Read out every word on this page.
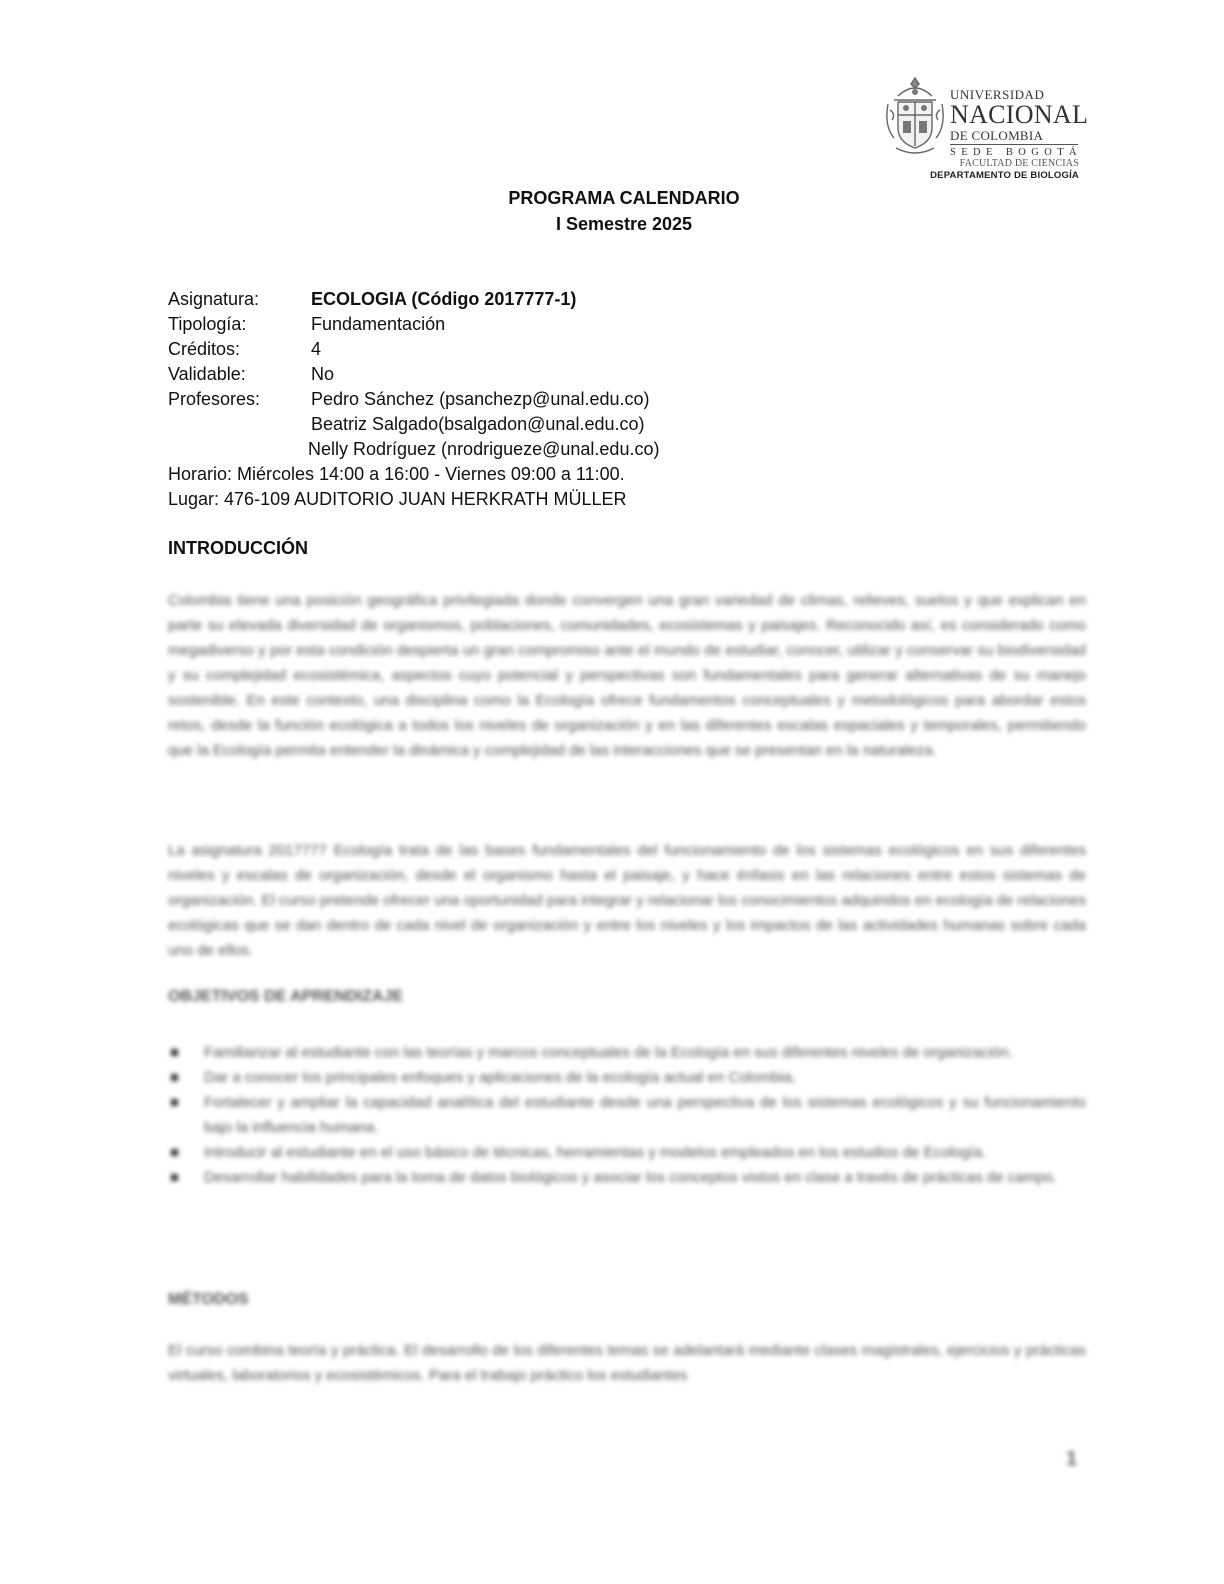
UNIVERSIDAD
NACIONAL
DE COLOMBIA
SEDE BOGOTÁ
FACULTAD DE CIENCIAS
DEPARTAMENTO DE BIOLOGÍA
PROGRAMA CALENDARIO
I Semestre 2025
Asignatura:	ECOLOGIA (Código 2017777-1)
Tipología:	Fundamentación
Créditos:	4
Validable:	No
Profesores:	Pedro Sánchez (psanchezp@unal.edu.co)
Beatriz Salgado(bsalgadon@unal.edu.co)
Nelly Rodríguez (nrodrigueze@unal.edu.co)
Horario: Miércoles 14:00 a 16:00 - Viernes 09:00 a 11:00.
Lugar: 476-109 AUDITORIO JUAN HERKRATH MÜLLER
INTRODUCCIÓN
Colombia tiene una posición geográfica privilegiada donde convergen una gran variedad de climas, relieves, suelos y que explican en parte su elevada diversidad de organismos, poblaciones, comunidades, ecosistemas y paisajes. Reconocido así, es considerado como megadiverso y por esta condición despierta un gran compromiso ante el mundo de estudiar, conocer, utilizar y conservar su biodiversidad y su complejidad ecosistémica, aspectos cuyo potencial y perspectivas son fundamentales para generar alternativas de su manejo sostenible. En este contexto, una disciplina como la Ecología ofrece fundamentos conceptuales y metodológicos para abordar estos retos, desde la función ecológica a todos los niveles de organización y en las diferentes escalas espaciales y temporales, permitiendo que la Ecología permita entender la dinámica y complejidad de las interacciones que se presentan en la naturaleza.
La asignatura 2017777 Ecología trata de las bases fundamentales del funcionamiento de los sistemas ecológicos en sus diferentes niveles y escalas de organización, desde el organismo hasta el paisaje, y hace énfasis en las relaciones entre estos sistemas de organización. El curso pretende ofrecer una oportunidad para integrar y relacionar los conocimientos adquiridos en ecología de relaciones ecológicas que se dan dentro de cada nivel de organización y entre los niveles y los impactos de las actividades humanas sobre cada uno de ellos.
OBJETIVOS DE APRENDIZAJE
Familiarizar al estudiante con las teorías y marcos conceptuales de la Ecología en sus diferentes niveles de organización.
Dar a conocer los principales enfoques y aplicaciones de la ecología actual en Colombia.
Fortalecer y ampliar la capacidad analítica del estudiante desde una perspectiva de los sistemas ecológicos y su funcionamiento bajo la influencia humana.
Introducir al estudiante en el uso básico de técnicas, herramientas y modelos empleados en los estudios de Ecología.
Desarrollar habilidades para la toma de datos biológicos y asociar los conceptos vistos en clase a través de prácticas de campo.
MÉTODOS
El curso combina teoría y práctica. El desarrollo de los diferentes temas se adelantará mediante clases magistrales, ejercicios y prácticas virtuales, laboratorios y ecosistémicos. Para el trabajo práctico los estudiantes
1
